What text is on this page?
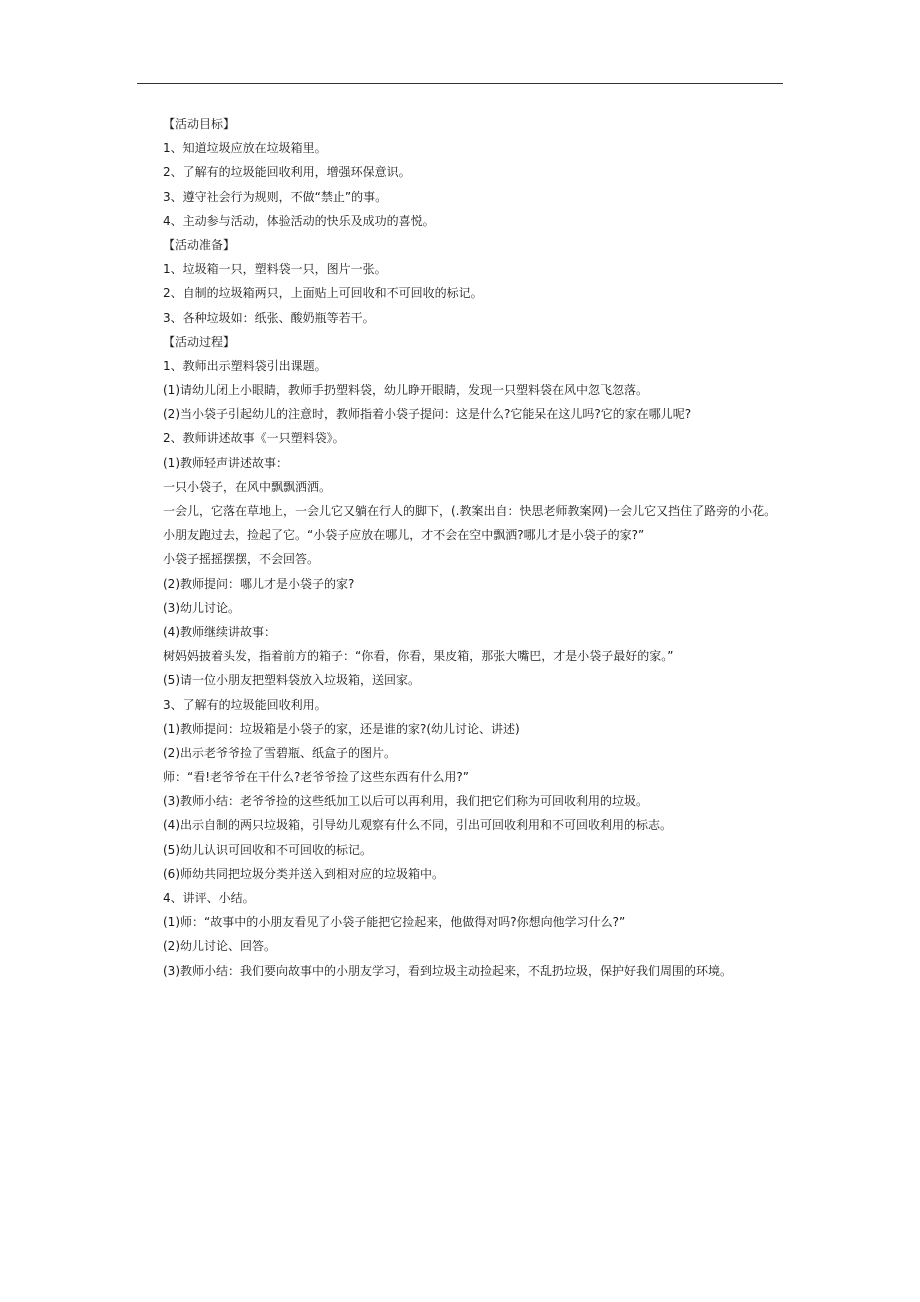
【活动目标】
1、知道垃圾应放在垃圾箱里。
2、了解有的垃圾能回收利用，增强环保意识。
3、遵守社会行为规则，不做“禁止”的事。
4、主动参与活动，体验活动的快乐及成功的喜悦。
【活动准备】
1、垃圾箱一只，塑料袋一只，图片一张。
2、自制的垃圾箱两只，上面贴上可回收和不可回收的标记。
3、各种垃圾如：纸张、酸奶瓶等若干。
【活动过程】
1、教师出示塑料袋引出课题。
(1)请幼儿闭上小眼睛，教师手扔塑料袋，幼儿睁开眼睛，发现一只塑料袋在风中忽飞忽落。
(2)当小袋子引起幼儿的注意时，教师指着小袋子提问：这是什么?它能呆在这儿吗?它的家在哪儿呢?
2、教师讲述故事《一只塑料袋》。
(1)教师轻声讲述故事：
一只小袋子，在风中飘飘洒洒。
一会儿，它落在草地上，一会儿它又躺在行人的脚下，(.教案出自：快思老师教案网)一会儿它又挡住了路旁的小花。
小朋友跑过去，捡起了它。“小袋子应放在哪儿，才不会在空中飘洒?哪儿才是小袋子的家?”
小袋子摇摇摆摆，不会回答。
(2)教师提问：哪儿才是小袋子的家?
(3)幼儿讨论。
(4)教师继续讲故事：
树妈妈披着头发，指着前方的箱子：“你看，你看，果皮箱，那张大嘴巴，才是小袋子最好的家。”
(5)请一位小朋友把塑料袋放入垃圾箱，送回家。
3、了解有的垃圾能回收利用。
(1)教师提问：垃圾箱是小袋子的家，还是谁的家?(幼儿讨论、讲述)
(2)出示老爷爷捡了雪碧瓶、纸盒子的图片。
师：“看!老爷爷在干什么?老爷爷捡了这些东西有什么用?”
(3)教师小结：老爷爷捡的这些纸加工以后可以再利用，我们把它们称为可回收利用的垃圾。
(4)出示自制的两只垃圾箱，引导幼儿观察有什么不同，引出可回收利用和不可回收利用的标志。
(5)幼儿认识可回收和不可回收的标记。
(6)师幼共同把垃圾分类并送入到相对应的垃圾箱中。
4、讲评、小结。
(1)师：“故事中的小朋友看见了小袋子能把它捡起来，他做得对吗?你想向他学习什么?”
(2)幼儿讨论、回答。
(3)教师小结：我们要向故事中的小朋友学习，看到垃圾主动捡起来，不乱扔垃圾，保护好我们周围的环境。
